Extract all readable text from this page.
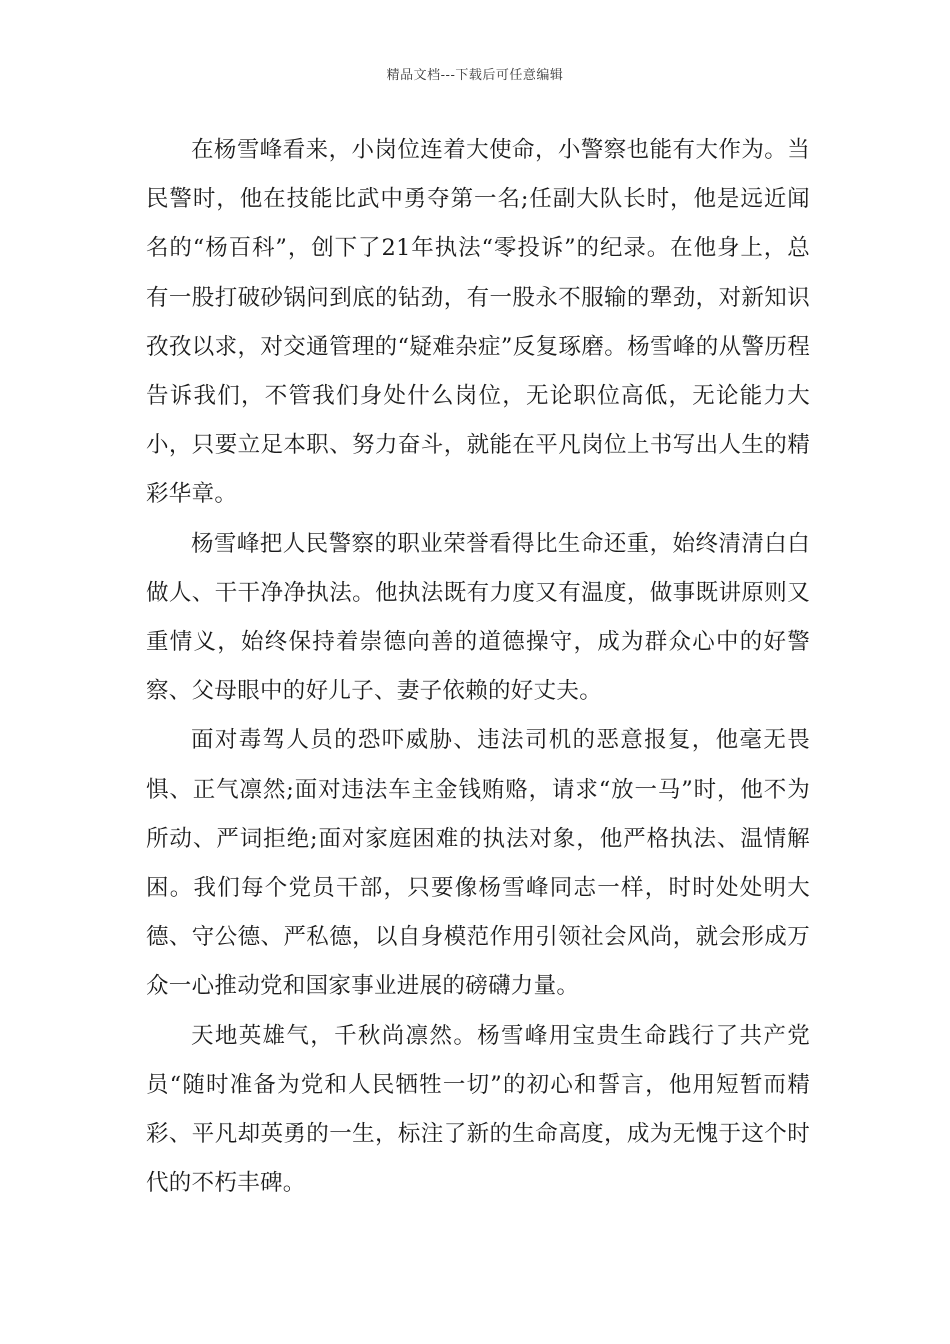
精品文档---下载后可任意编辑

在杨雪峰看来，小岗位连着大使命，小警察也能有大作为。当民警时，他在技能比武中勇夺第一名;任副大队长时，他是远近闻名的“杨百科”，创下了21年执法“零投诉”的纪录。在他身上，总有一股打破砂锅问到底的钻劲，有一股永不服输的犟劲，对新知识孜孜以求，对交通管理的“疑难杂症”反复琢磨。杨雪峰的从警历程告诉我们，不管我们身处什么岗位，无论职位高低，无论能力大小，只要立足本职、努力奋斗，就能在平凡岗位上书写出人生的精彩华章。

杨雪峰把人民警察的职业荣誉看得比生命还重，始终清清白白做人、干干净净执法。他执法既有力度又有温度，做事既讲原则又重情义，始终保持着崇德向善的道德操守，成为群众心中的好警察、父母眼中的好儿子、妻子依赖的好丈夫。

面对毒驾人员的恐吓威胁、违法司机的恶意报复，他毫无畏惧、正气凛然;面对违法车主金钱贿赂，请求“放一马”时，他不为所动、严词拒绝;面对家庭困难的执法对象，他严格执法、温情解困。我们每个党员干部，只要像杨雪峰同志一样，时时处处明大德、守公德、严私德，以自身模范作用引领社会风尚，就会形成万众一心推动党和国家事业进展的磅礴力量。

天地英雄气，千秋尚凛然。杨雪峰用宝贵生命践行了共产党员“随时准备为党和人民牺牲一切”的初心和誓言，他用短暂而精彩、平凡却英勇的一生，标注了新的生命高度，成为无愧于这个时代的不朽丰碑。
